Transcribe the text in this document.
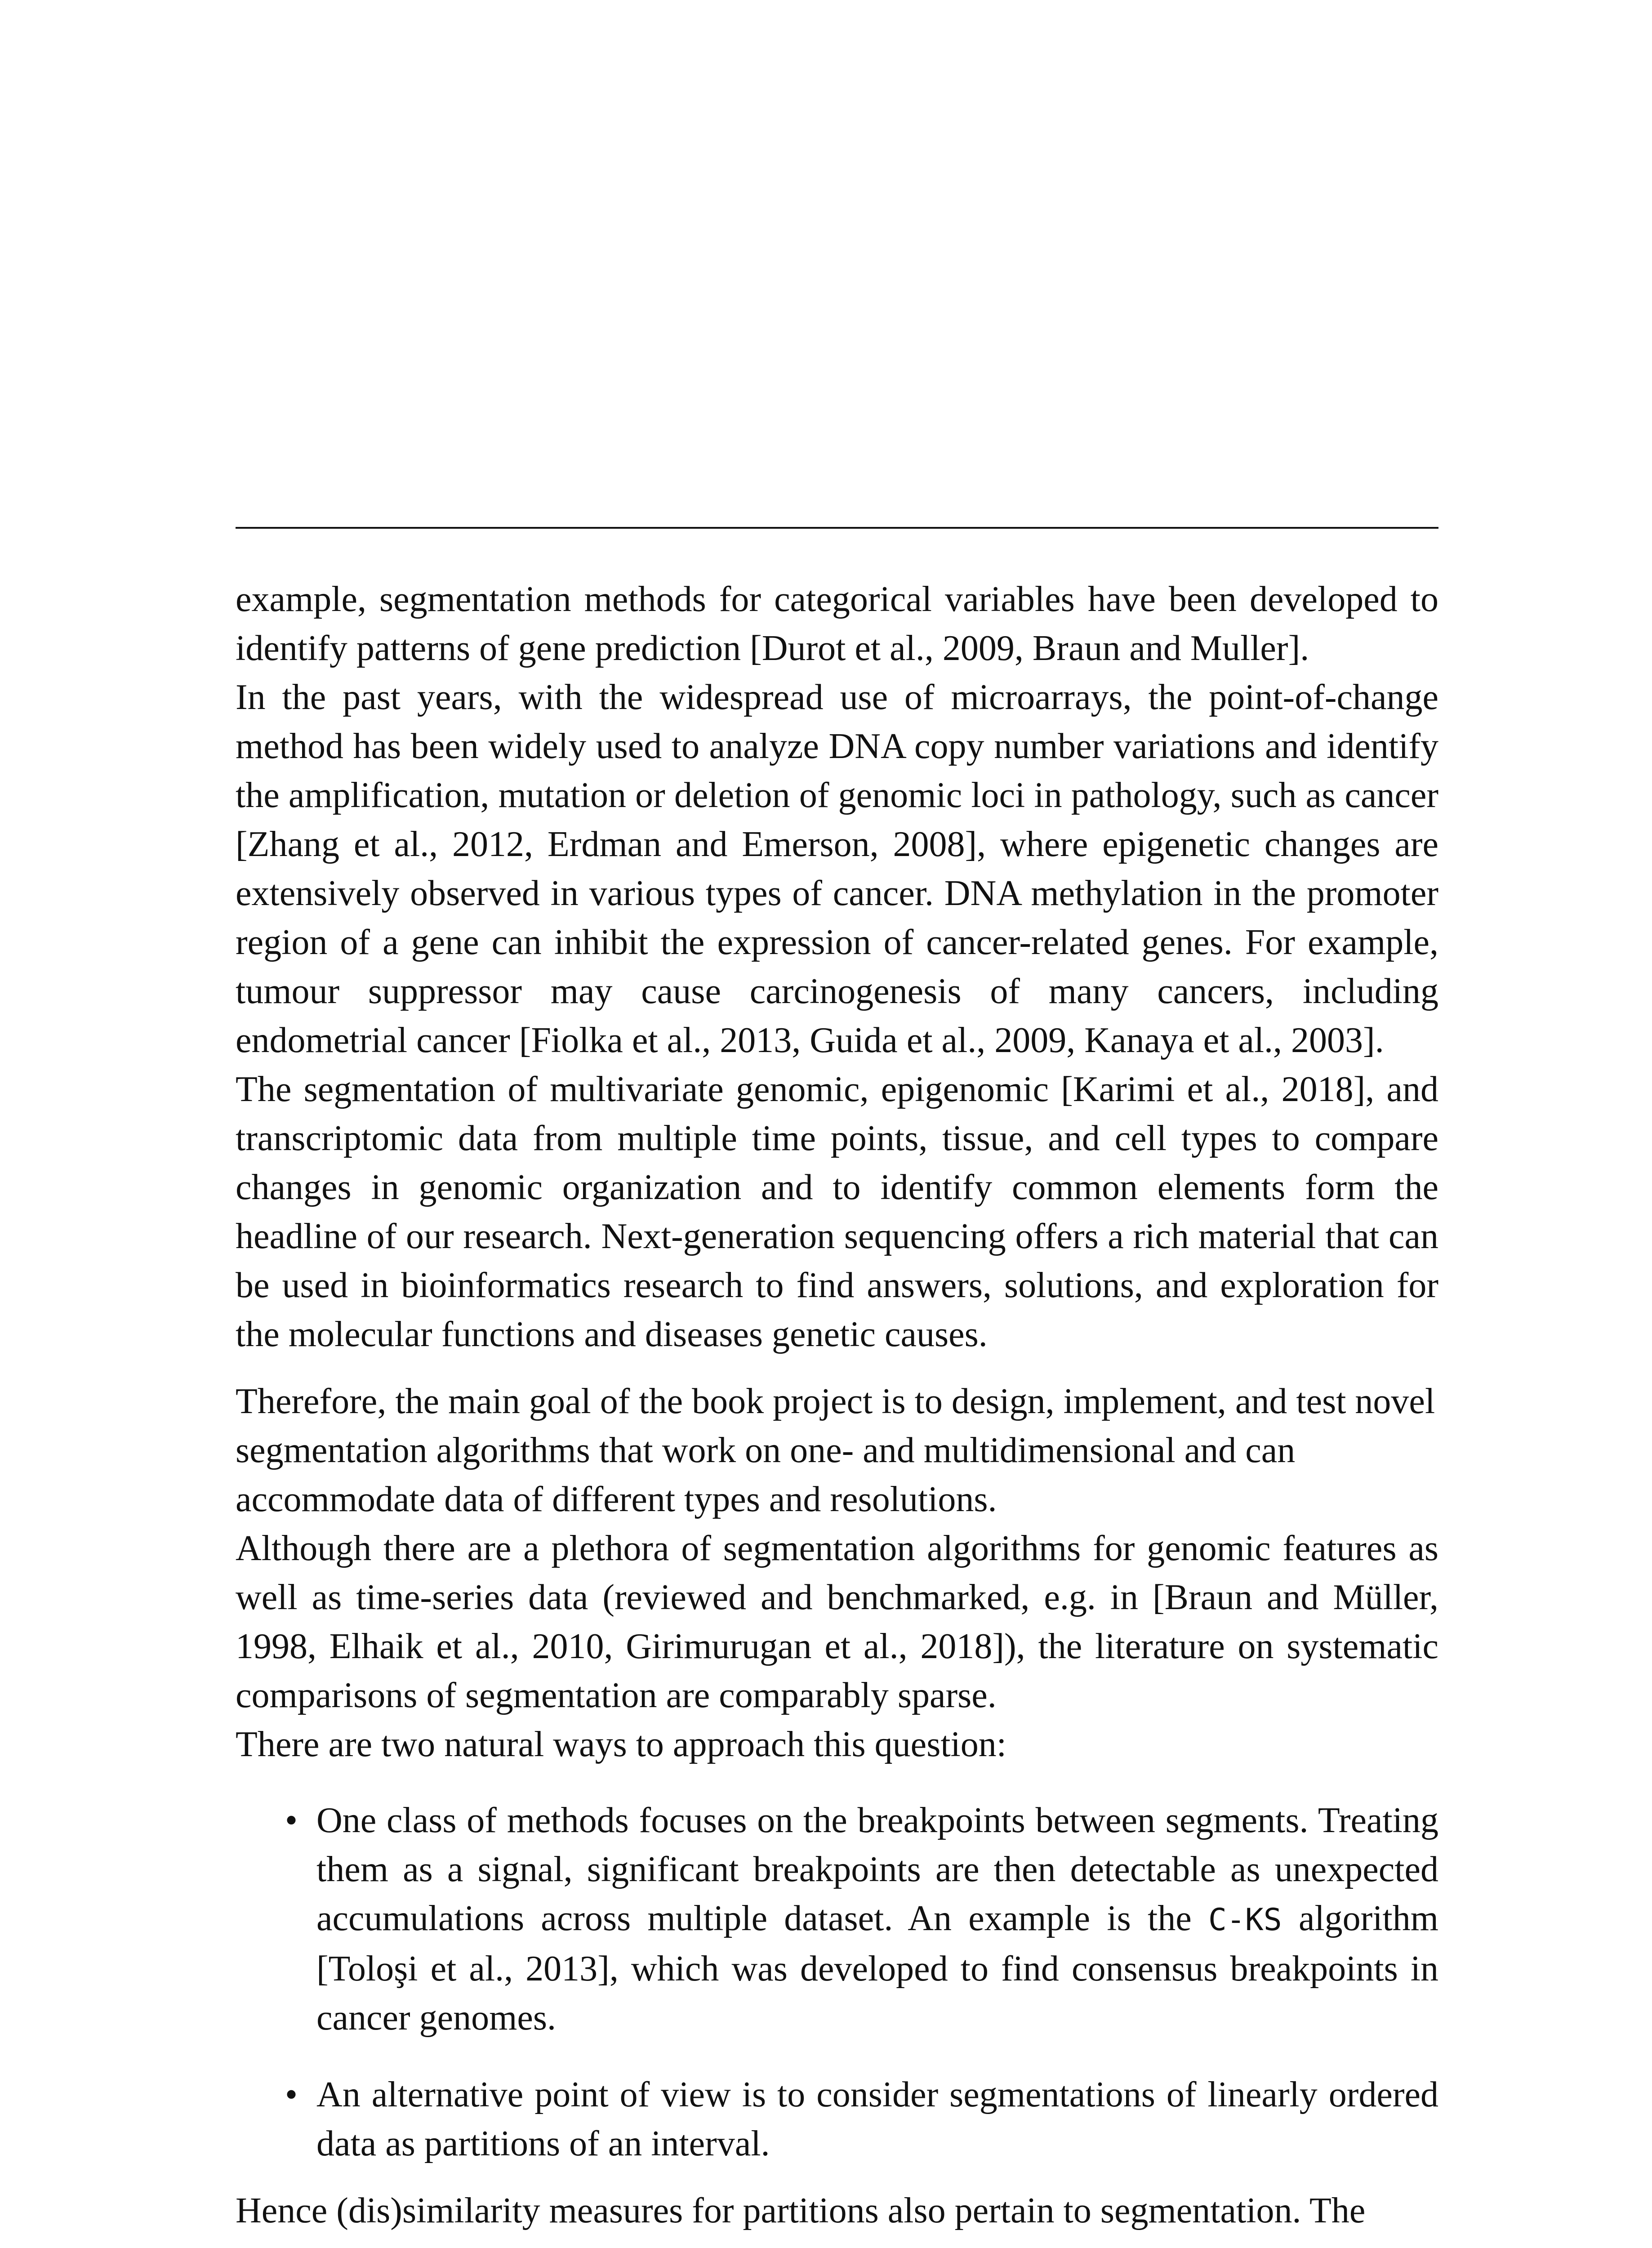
example, segmentation methods for categorical variables have been developed to identify patterns of gene prediction [Durot et al., 2009, Braun and Muller].

In the past years, with the widespread use of microarrays, the point-of-change method has been widely used to analyze DNA copy number variations and identify the amplification, mutation or deletion of genomic loci in pathology, such as cancer [Zhang et al., 2012, Erdman and Emerson, 2008], where epigenetic changes are extensively observed in various types of cancer. DNA methylation in the promoter region of a gene can inhibit the expression of cancer-related genes. For example, tumour suppressor may cause carcinogenesis of many cancers, including endometrial cancer [Fiolka et al., 2013, Guida et al., 2009, Kanaya et al., 2003].

The segmentation of multivariate genomic, epigenomic [Karimi et al., 2018], and transcriptomic data from multiple time points, tissue, and cell types to compare changes in genomic organization and to identify common elements form the headline of our research. Next-generation sequencing offers a rich material that can be used in bioinformatics research to find answers, solutions, and exploration for the molecular functions and diseases genetic causes.

Therefore, the main goal of the book project is to design, implement, and test novel segmentation algorithms that work on one- and multidimensional and can accommodate data of different types and resolutions.

Although there are a plethora of segmentation algorithms for genomic features as well as time-series data (reviewed and benchmarked, e.g. in [Braun and Müller, 1998, Elhaik et al., 2010, Girimurugan et al., 2018]), the literature on systematic comparisons of segmentation are comparably sparse.

There are two natural ways to approach this question:

• One class of methods focuses on the breakpoints between segments. Treating them as a signal, significant breakpoints are then detectable as unexpected accumulations across multiple dataset. An example is the C-KS algorithm [Toloşi et al., 2013], which was developed to find consensus breakpoints in cancer genomes.
• An alternative point of view is to consider segmentations of linearly ordered data as partitions of an interval.

Hence (dis)similarity measures for partitions also pertain to segmentation. The
